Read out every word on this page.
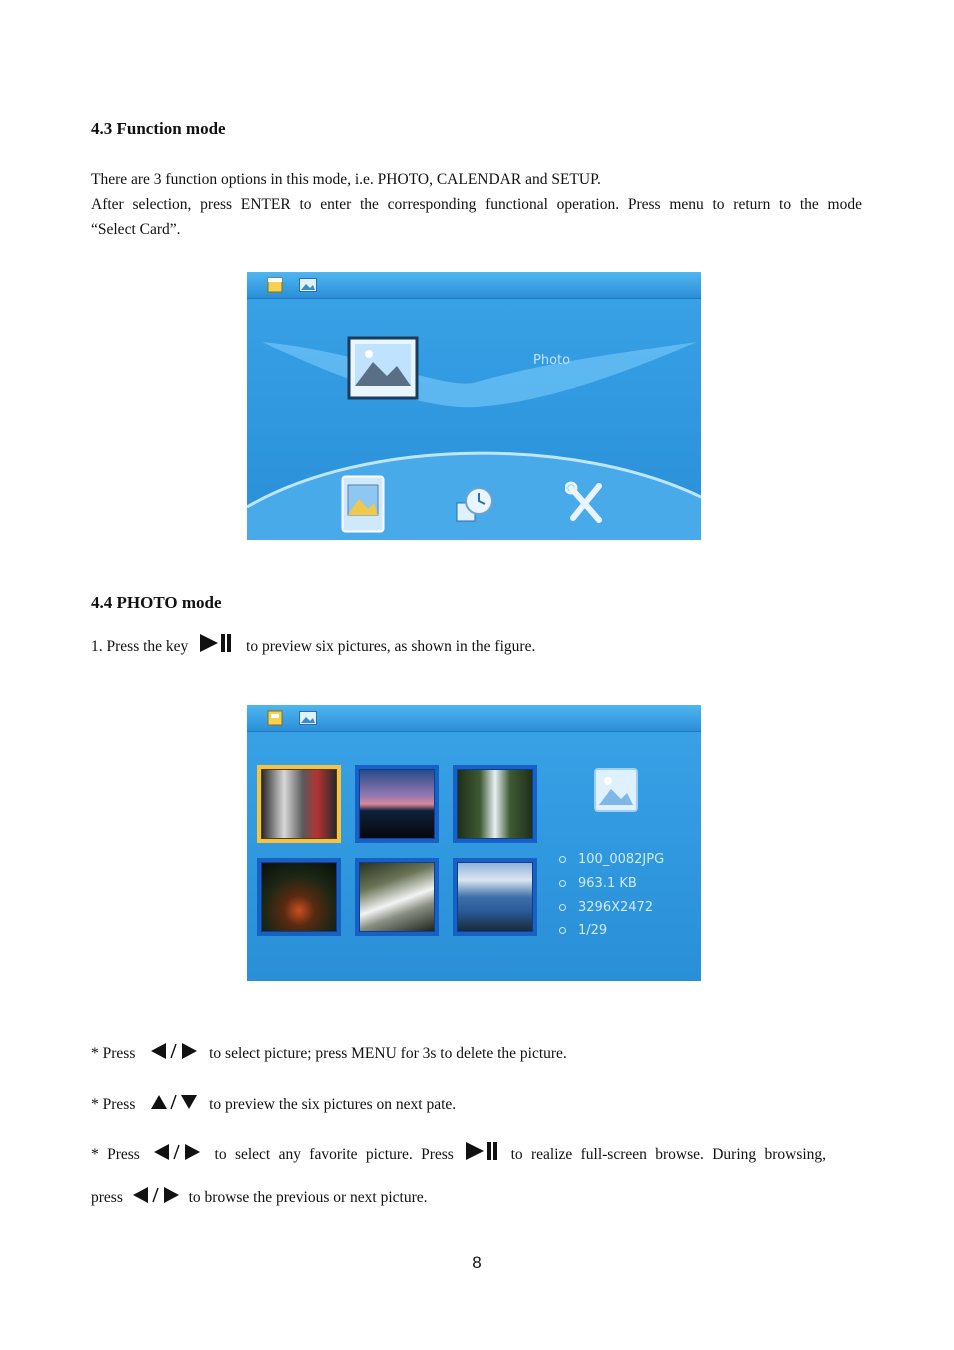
4.3 Function mode
There are 3 function options in this mode, i.e. PHOTO, CALENDAR and SETUP.
After selection, press ENTER to enter the corresponding functional operation. Press menu to return to the mode
“Select Card”.
Photo
4.4 PHOTO mode
1. Press the key	to preview six pictures, as shown in the figure.
100_0082JPG
963.1 KB
3296X2472
1/29
* Press	to select picture; press MENU for 3s to delete the picture.
* Press	to preview the six pictures on next pate.
* Press	to select any favorite picture. Press	to realize full-screen browse. During browsing,
press	to browse the previous or next picture.
8
